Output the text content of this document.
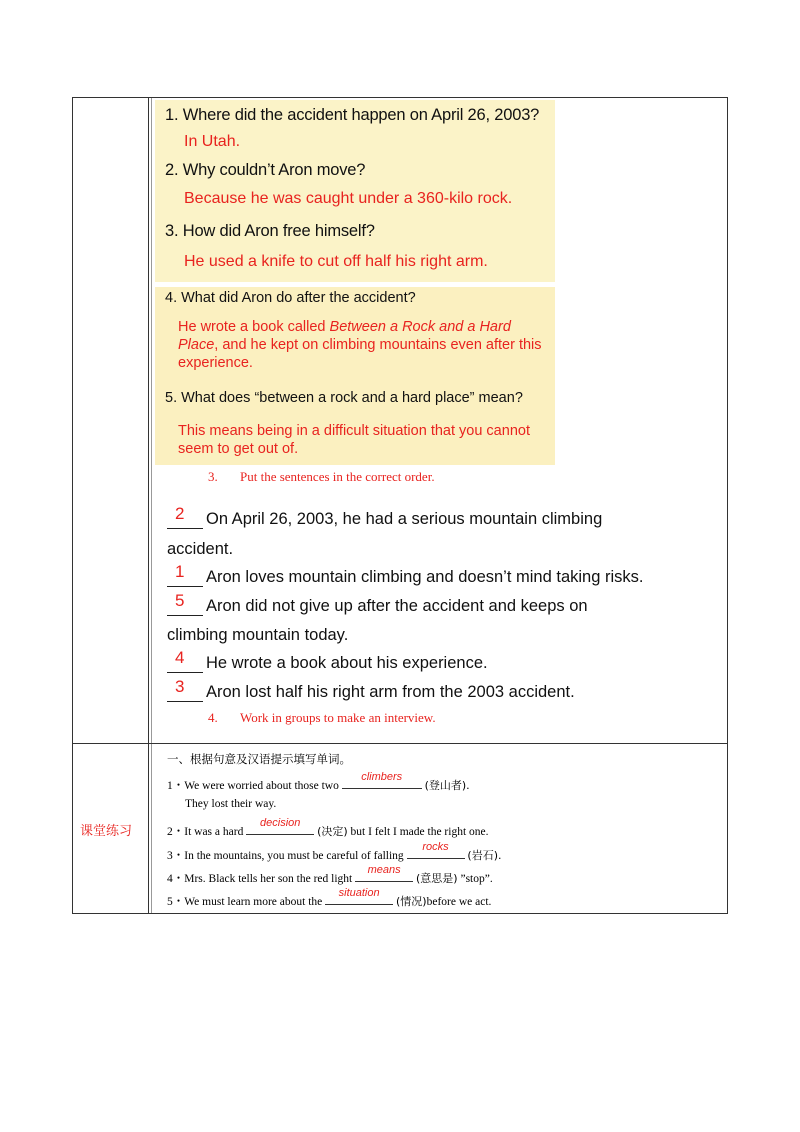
1. Where did the accident happen on April 26, 2003?
In Utah.
2. Why couldn’t Aron move?
Because he was caught under a 360-kilo rock.
3. How did Aron free himself?
He used a knife to cut off half his right arm.
4. What did Aron do after the accident?
He wrote a book called Between a Rock and a Hard
Place, and he kept on climbing mountains even after this
experience.
5. What does “between a rock and a hard place” mean?
This means being in a difficult situation that you cannot
seem to get out of.
3. Put the sentences in the correct order.
2 On April 26, 2003, he had a serious mountain climbing
accident.
1 Aron loves mountain climbing and doesn’t mind taking risks.
5 Aron did not give up after the accident and keeps on
climbing mountain today.
4 He wrote a book about his experience.
3 Aron lost half his right arm from the 2003 accident.
4. Work in groups to make an interview.
课堂练习
一、根据句意及汉语提示填写单词。
1・We were worried about those two
climbers
(登山者).
They lost their way.
2・It was a hard
decision
(决定) but I felt I made the right one.
3・In the mountains, you must be careful of falling
rocks
(岩石).
4・Mrs. Black tells her son the red light
means
(意思是) ”stop”.
5・We must learn more about the
situation
(情况)before we act.
